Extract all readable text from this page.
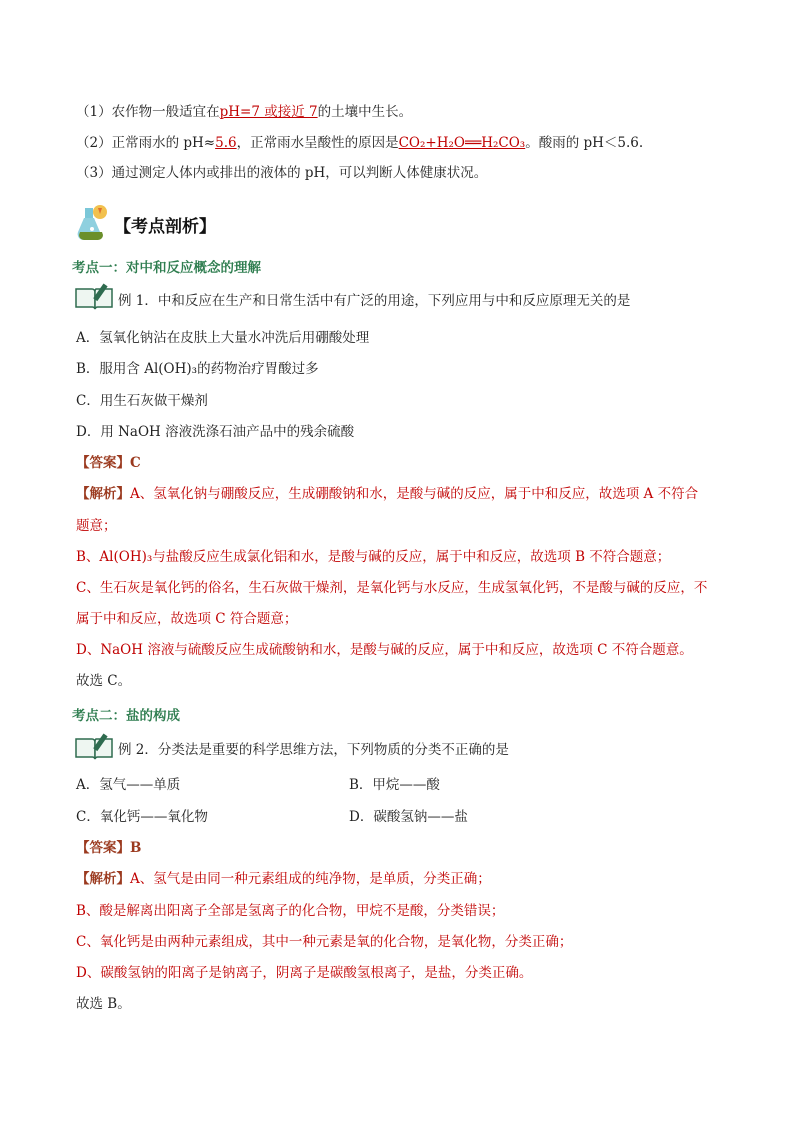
（1）农作物一般适宜在pH=7 或接近 7的土壤中生长。
（2）正常雨水的 pH≈5.6，正常雨水呈酸性的原因是CO₂+H₂O══H₂CO₃。酸雨的 pH＜5.6.
（3）通过测定人体内或排出的液体的 pH，可以判断人体健康状况。
【考点剖析】
考点一：对中和反应概念的理解
例 1．中和反应在生产和日常生活中有广泛的用途，下列应用与中和反应原理无关的是
A．氢氧化钠沾在皮肤上大量水冲洗后用硼酸处理
B．服用含 Al(OH)₃的药物治疗胃酸过多
C．用生石灰做干燥剂
D．用 NaOH 溶液洗涤石油产品中的残余硫酸
【答案】C
【解析】A、氢氧化钠与硼酸反应，生成硼酸钠和水，是酸与碱的反应，属于中和反应，故选项 A 不符合
题意；
B、Al(OH)₃与盐酸反应生成氯化铝和水，是酸与碱的反应，属于中和反应，故选项 B 不符合题意；
C、生石灰是氧化钙的俗名，生石灰做干燥剂，是氧化钙与水反应，生成氢氧化钙，不是酸与碱的反应，不
属于中和反应，故选项 C 符合题意；
D、NaOH 溶液与硫酸反应生成硫酸钠和水，是酸与碱的反应，属于中和反应，故选项 C 不符合题意。
故选 C。
考点二：盐的构成
例 2．分类法是重要的科学思维方法，下列物质的分类不正确的是
A．氢气——单质	B．甲烷——酸
C．氧化钙——氧化物	D．碳酸氢钠——盐
【答案】B
【解析】A、氢气是由同一种元素组成的纯净物，是单质，分类正确；
B、酸是解离出阳离子全部是氢离子的化合物，甲烷不是酸，分类错误；
C、氧化钙是由两种元素组成，其中一种元素是氧的化合物，是氧化物，分类正确；
D、碳酸氢钠的阳离子是钠离子，阴离子是碳酸氢根离子，是盐，分类正确。
故选 B。
